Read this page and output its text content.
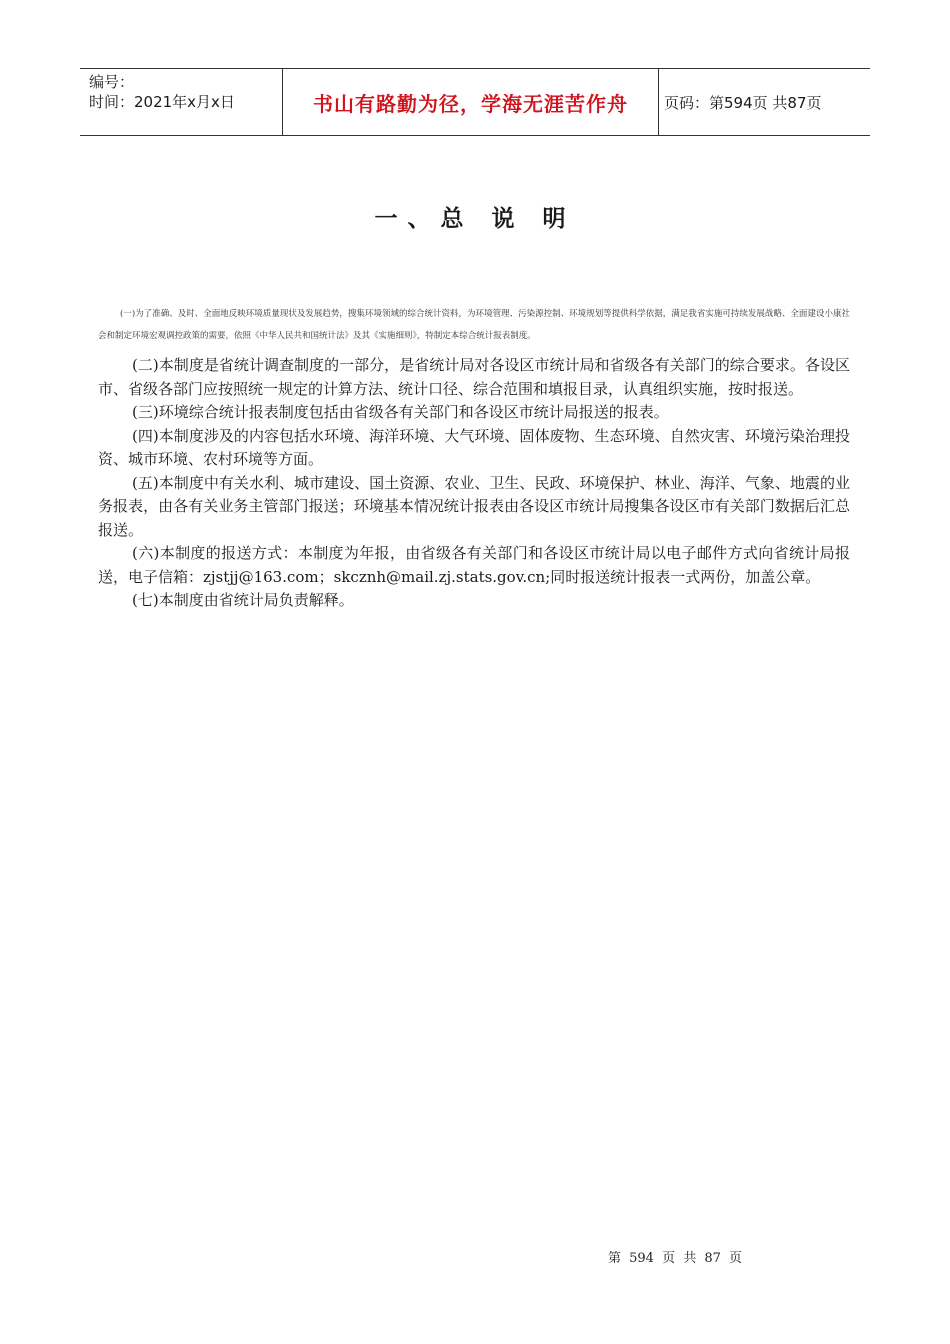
编号：
时间：2021年x月x日	书山有路勤为径，学海无涯苦作舟 页码：第594页 共87页
一、总 说 明
(一)为了准确、及时、全面地反映环境质量现状及发展趋势，搜集环境领域的综合统计资料，为环境管理、污染源控制、环境规划等提供科学依据，满足我省实施可持续发展战略、全面建设小康社会和制定环境宏观调控政策的需要，依照《中华人民共和国统计法》及其《实施细则》，特制定本综合统计报表制度。

(二)本制度是省统计调查制度的一部分，是省统计局对各设区市统计局和省级各有关部门的综合要求。各设区市、省级各部门应按照统一规定的计算方法、统计口径、综合范围和填报目录，认真组织实施，按时报送。

(三)环境综合统计报表制度包括由省级各有关部门和各设区市统计局报送的报表。

(四)本制度涉及的内容包括水环境、海洋环境、大气环境、固体废物、生态环境、自然灾害、环境污染治理投资、城市环境、农村环境等方面。

(五)本制度中有关水利、城市建设、国土资源、农业、卫生、民政、环境保护、林业、海洋、气象、地震的业务报表，由各有关业务主管部门报送；环境基本情况统计报表由各设区市统计局搜集各设区市有关部门数据后汇总报送。

(六)本制度的报送方式：本制度为年报，由省级各有关部门和各设区市统计局以电子邮件方式向省统计局报送，电子信箱：zjstjj@163.com；skcznh@mail.zj.stats.gov.cn;同时报送统计报表一式两份，加盖公章。

(七)本制度由省统计局负责解释。

第 594 页 共 87 页
